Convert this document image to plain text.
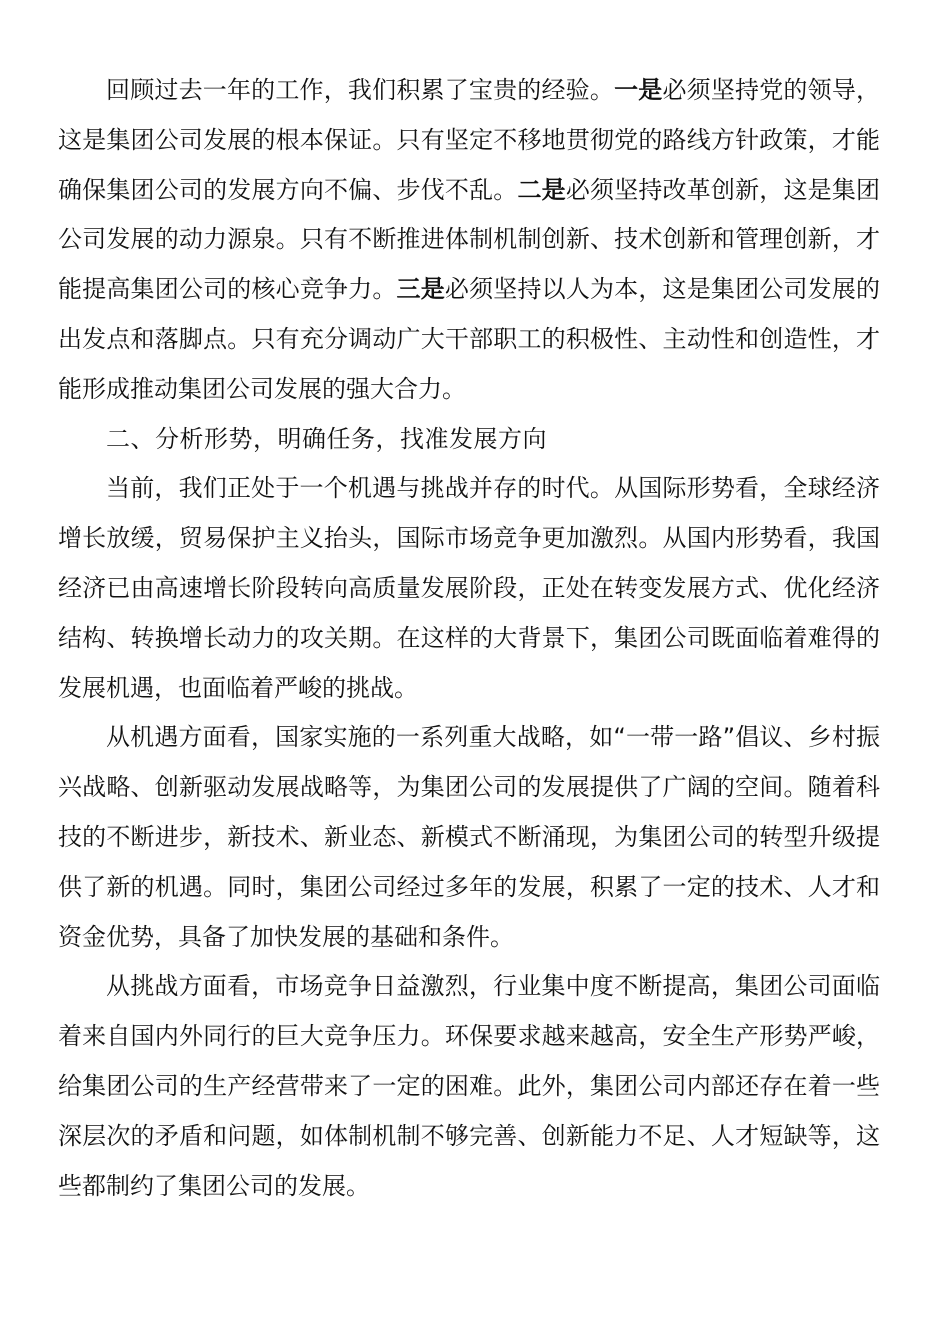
回顾过去一年的工作，我们积累了宝贵的经验。一是必须坚持党的领导，这是集团公司发展的根本保证。只有坚定不移地贯彻党的路线方针政策，才能确保集团公司的发展方向不偏、步伐不乱。二是必须坚持改革创新，这是集团公司发展的动力源泉。只有不断推进体制机制创新、技术创新和管理创新，才能提高集团公司的核心竞争力。三是必须坚持以人为本，这是集团公司发展的出发点和落脚点。只有充分调动广大干部职工的积极性、主动性和创造性，才能形成推动集团公司发展的强大合力。

二、分析形势，明确任务，找准发展方向

当前，我们正处于一个机遇与挑战并存的时代。从国际形势看，全球经济增长放缓，贸易保护主义抬头，国际市场竞争更加激烈。从国内形势看，我国经济已由高速增长阶段转向高质量发展阶段，正处在转变发展方式、优化经济结构、转换增长动力的攻关期。在这样的大背景下，集团公司既面临着难得的发展机遇，也面临着严峻的挑战。

从机遇方面看，国家实施的一系列重大战略，如“一带一路”倡议、乡村振兴战略、创新驱动发展战略等，为集团公司的发展提供了广阔的空间。随着科技的不断进步，新技术、新业态、新模式不断涌现，为集团公司的转型升级提供了新的机遇。同时，集团公司经过多年的发展，积累了一定的技术、人才和资金优势，具备了加快发展的基础和条件。

从挑战方面看，市场竞争日益激烈，行业集中度不断提高，集团公司面临着来自国内外同行的巨大竞争压力。环保要求越来越高，安全生产形势严峻，给集团公司的生产经营带来了一定的困难。此外，集团公司内部还存在着一些深层次的矛盾和问题，如体制机制不够完善、创新能力不足、人才短缺等，这些都制约了集团公司的发展。
